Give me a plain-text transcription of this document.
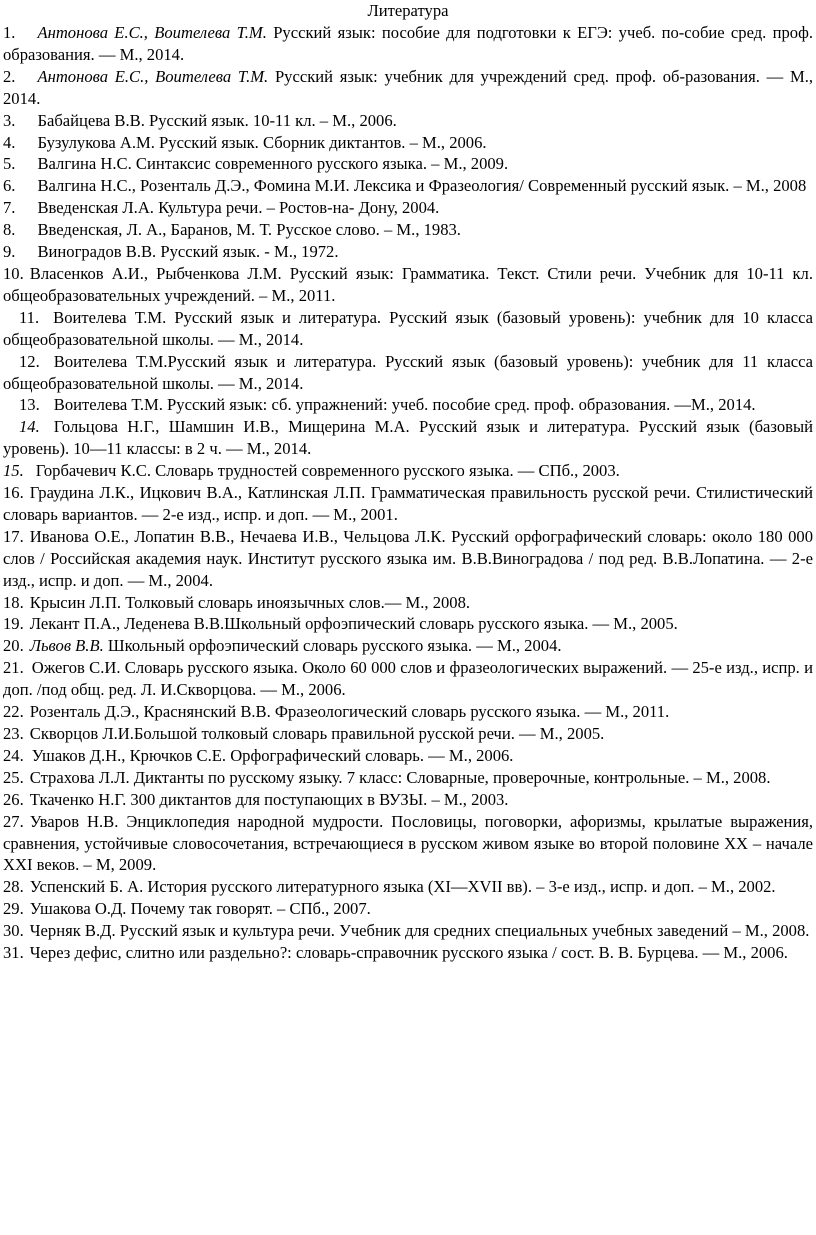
Литература

1. Антонова Е.С., Воителева Т.М. Русский язык: пособие для подготовки к ЕГЭ: учеб. по-собие сред. проф. образования. — М., 2014.

2. Антонова Е.С., Воителева Т.М. Русский язык: учебник для учреждений сред. проф. об-разования. — М., 2014.

3. Бабайцева В.В. Русский язык. 10-11 кл. – М., 2006.

4. Бузулукова А.М. Русский язык. Сборник диктантов. – М., 2006.

5. Валгина Н.С. Синтаксис современного русского языка. – М., 2009.

6. Валгина Н.С., Розенталь Д.Э., Фомина М.И. Лексика и Фразеология/ Современный русский язык. – М., 2008

7. Введенская Л.А. Культура речи. – Ростов-на- Дону, 2004.

8. Введенская, Л. А., Баранов, М. Т. Русское слово. – М., 1983.

9. Виноградов В.В. Русский язык. - М., 1972.

10. Власенков А.И., Рыбченкова Л.М. Русский язык: Грамматика. Текст. Стили речи. Учебник для 10-11 кл. общеобразовательных учреждений. – М., 2011.

11. Воителева Т.М. Русский язык и литература. Русский язык (базовый уровень): учебник для 10 класса общеобразовательной школы. — М., 2014.

12. Воителева Т.М.Русский язык и литература. Русский язык (базовый уровень): учебник для 11 класса общеобразовательной школы. — М., 2014.

13. Воителева Т.М. Русский язык: сб. упражнений: учеб. пособие сред. проф. образования. —М., 2014.

14. Гольцова Н.Г., Шамшин И.В., Мищерина М.А. Русский язык и литература. Русский язык (базовый уровень). 10—11 классы: в 2 ч. — М., 2014.

15. Горбачевич К.С. Словарь трудностей современного русского языка. — СПб., 2003.

16. Граудина Л.К., Ицкович В.А., Катлинская Л.П. Грамматическая правильность русской речи. Стилистический словарь вариантов. — 2-е изд., испр. и доп. — М., 2001.

17. Иванова О.Е., Лопатин В.В., Нечаева И.В., Чельцова Л.К. Русский орфографический словарь: около 180 000 слов / Российская академия наук. Институт русского языка им. В.В.Виноградова / под ред. В.В.Лопатина. — 2-е изд., испр. и доп. — М., 2004.

18. Крысин Л.П. Толковый словарь иноязычных слов.— М., 2008.

19. Лекант П.А., Леденева В.В.Школьный орфоэпический словарь русского языка. — М., 2005.

20. Львов В.В. Школьный орфоэпический словарь русского языка. — М., 2004.

21. Ожегов С.И. Словарь русского языка. Около 60 000 слов и фразеологических выражений. — 25-е изд., испр. и доп. /под общ. ред. Л. И.Скворцова. — М., 2006.

22. Розенталь Д.Э., Краснянский В.В. Фразеологический словарь русского языка. — М., 2011.

23. Скворцов Л.И.Большой толковый словарь правильной русской речи. — М., 2005.

24. Ушаков Д.Н., Крючков С.Е. Орфографический словарь. — М., 2006.

25. Страхова Л.Л. Диктанты по русскому языку. 7 класс: Словарные, проверочные, контрольные. – М., 2008.

26. Ткаченко Н.Г. 300 диктантов для поступающих в ВУЗЫ. – М., 2003.

27. Уваров Н.В. Энциклопедия народной мудрости. Пословицы, поговорки, афоризмы, крылатые выражения, сравнения, устойчивые словосочетания, встречающиеся в русском живом языке во второй половине XX – начале XXI веков. – М, 2009.

28. Успенский Б. А. История русского литературного языка (XI—XVII вв). – 3-е изд., испр. и доп. – М., 2002.

29. Ушакова О.Д. Почему так говорят. – СПб., 2007.

30. Черняк В.Д. Русский язык и культура речи. Учебник для средних специальных учебных заведений – М., 2008.

31. Через дефис, слитно или раздельно?: словарь-справочник русского языка / сост. В. В. Бурцева. — М., 2006.
